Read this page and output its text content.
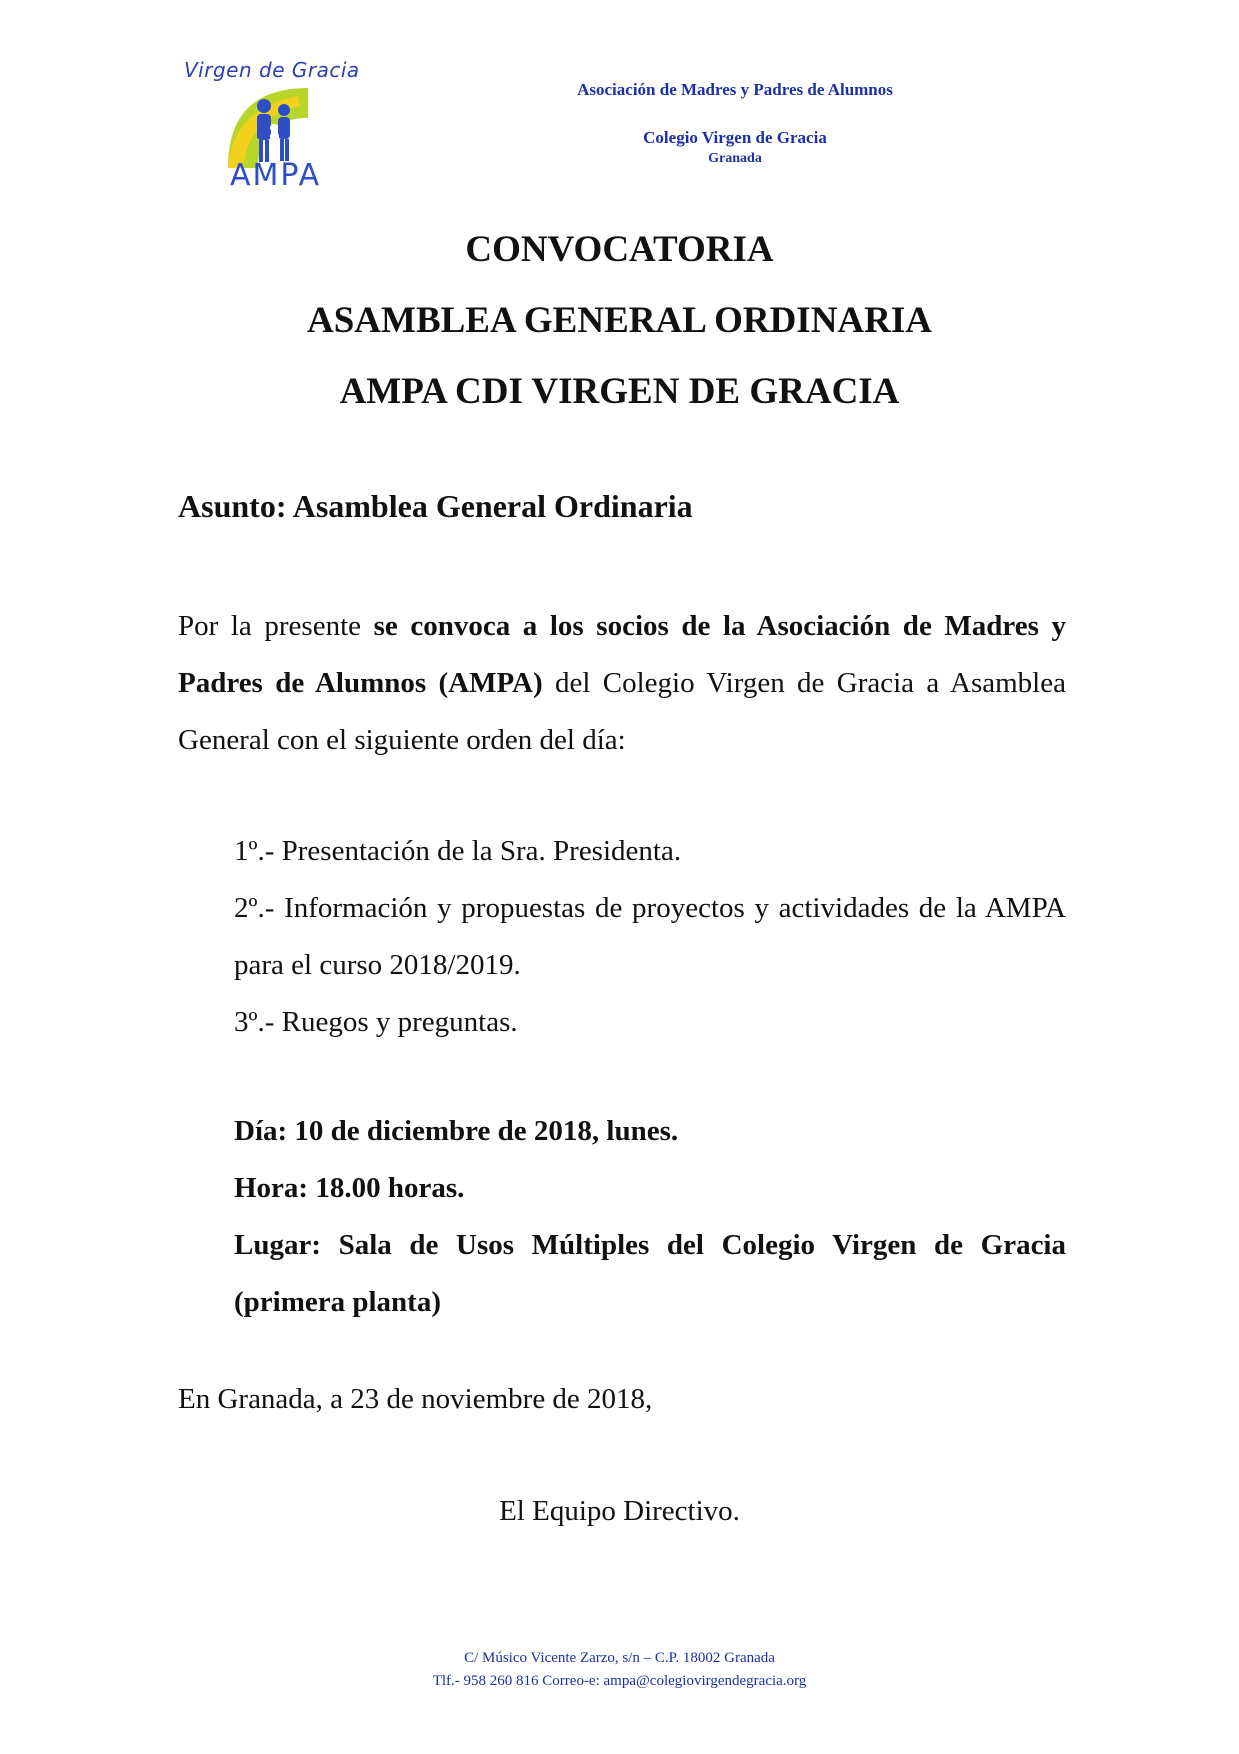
Virgen de Gracia
AMPA
Asociación de Madres y Padres de Alumnos
Colegio Virgen de Gracia
Granada
CONVOCATORIA
ASAMBLEA GENERAL ORDINARIA
AMPA CDI VIRGEN DE GRACIA
Asunto: Asamblea General Ordinaria
Por la presente se convoca a los socios de la Asociación de Madres y Padres de Alumnos (AMPA) del Colegio Virgen de Gracia a Asamblea General con el siguiente orden del día:
1º.- Presentación de la Sra. Presidenta.
2º.- Información y propuestas de proyectos y actividades de la AMPA para el curso 2018/2019.
3º.- Ruegos y preguntas.
Día: 10 de diciembre de 2018, lunes.
Hora: 18.00 horas.
Lugar: Sala de Usos Múltiples del Colegio Virgen de Gracia (primera planta)
En Granada, a 23 de noviembre de 2018,
El Equipo Directivo.
C/ Músico Vicente Zarzo, s/n – C.P. 18002 Granada
Tlf.- 958 260 816 Correo-e: ampa@colegiovirgendegracia.org
